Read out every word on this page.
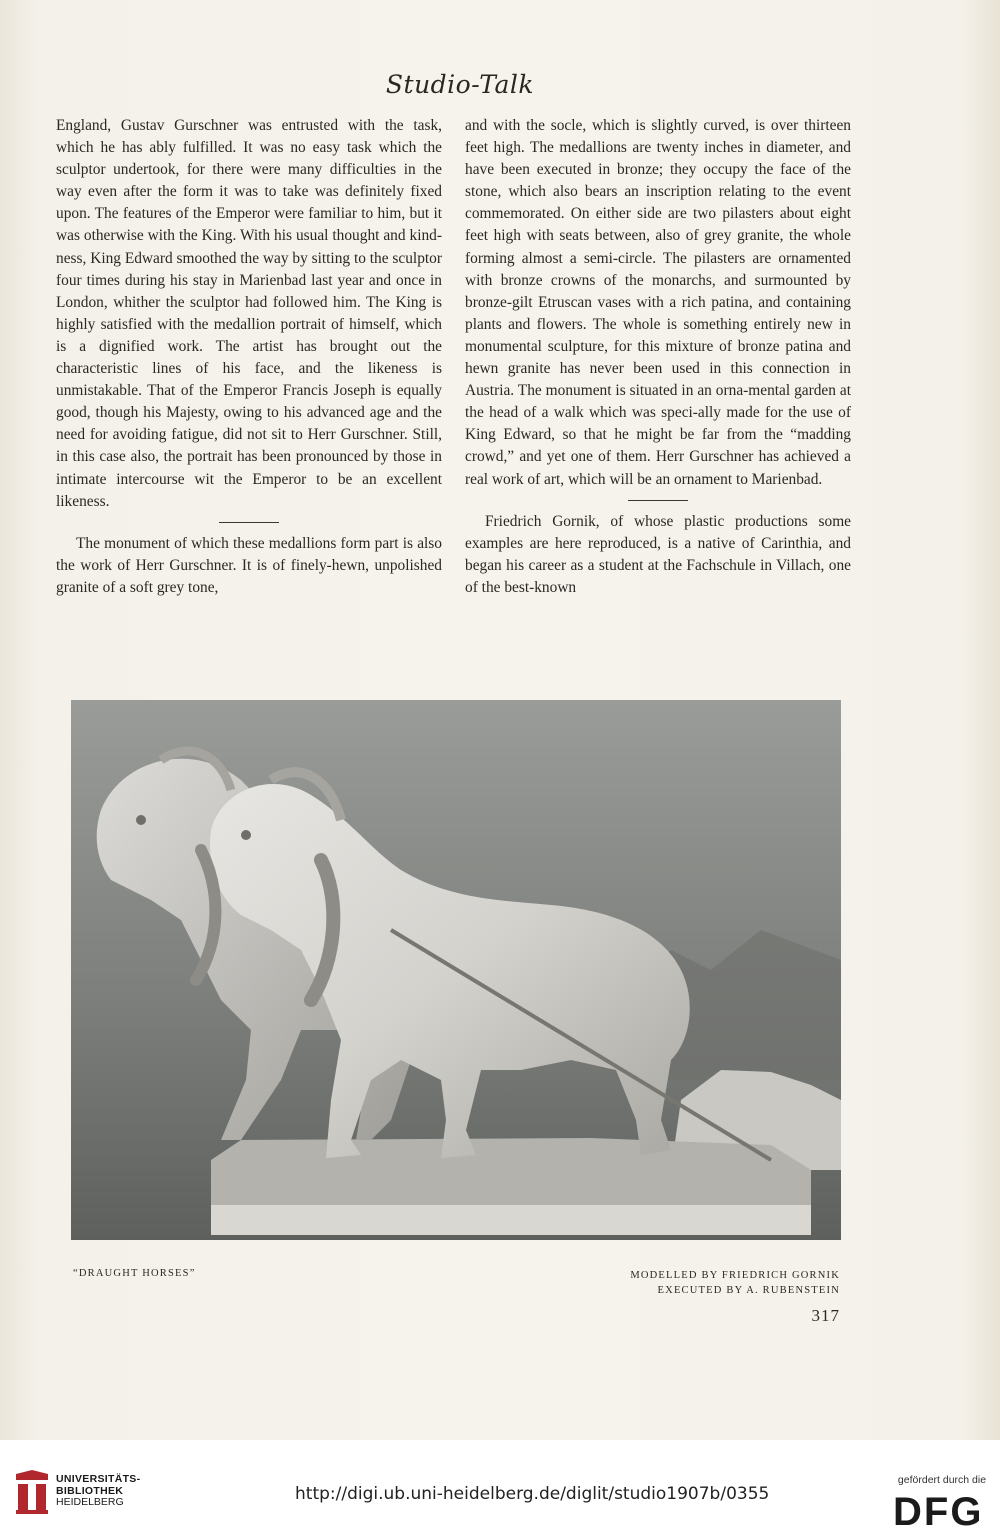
Studio-Talk

England, Gustav Gurschner was entrusted with the task, which he has ably fulfilled. It was no easy task which the sculptor undertook, for there were many difficulties in the way even after the form it was to take was definitely fixed upon. The features of the Emperor were familiar to him, but it was otherwise with the King. With his usual thought and kind-ness, King Edward smoothed the way by sitting to the sculptor four times during his stay in Marienbad last year and once in London, whither the sculptor had followed him. The King is highly satisfied with the medallion portrait of himself, which is a dignified work. The artist has brought out the characteristic lines of his face, and the likeness is unmistakable. That of the Emperor Francis Joseph is equally good, though his Majesty, owing to his advanced age and the need for avoiding fatigue, did not sit to Herr Gurschner. Still, in this case also, the portrait has been pronounced by those in intimate intercourse wit the Emperor to be an excellent likeness.

The monument of which these medallions form part is also the work of Herr Gurschner. It is of finely-hewn, unpolished granite of a soft grey tone,

and with the socle, which is slightly curved, is over thirteen feet high. The medallions are twenty inches in diameter, and have been executed in bronze; they occupy the face of the stone, which also bears an inscription relating to the event commemorated. On either side are two pilasters about eight feet high with seats between, also of grey granite, the whole forming almost a semi-circle. The pilasters are ornamented with bronze crowns of the monarchs, and surmounted by bronze-gilt Etruscan vases with a rich patina, and containing plants and flowers. The whole is something entirely new in monumental sculpture, for this mixture of bronze patina and hewn granite has never been used in this connection in Austria. The monument is situated in an orna-mental garden at the head of a walk which was speci-ally made for the use of King Edward, so that he might be far from the “madding crowd,” and yet one of them. Herr Gurschner has achieved a real work of art, which will be an ornament to Marienbad.

Friedrich Gornik, of whose plastic productions some examples are here reproduced, is a native of Carinthia, and began his career as a student at the Fachschule in Villach, one of the best-known

“DRAUGHT HORSES”	MODELLED BY FRIEDRICH GORNIK
EXECUTED BY A. RUBENSTEIN
317
UNIVERSITÄTS-
BIBLIOTHEK
HEIDELBERG	http://digi.ub.uni-heidelberg.de/diglit/studio1907b/0355
gefördert durch die
DFG
